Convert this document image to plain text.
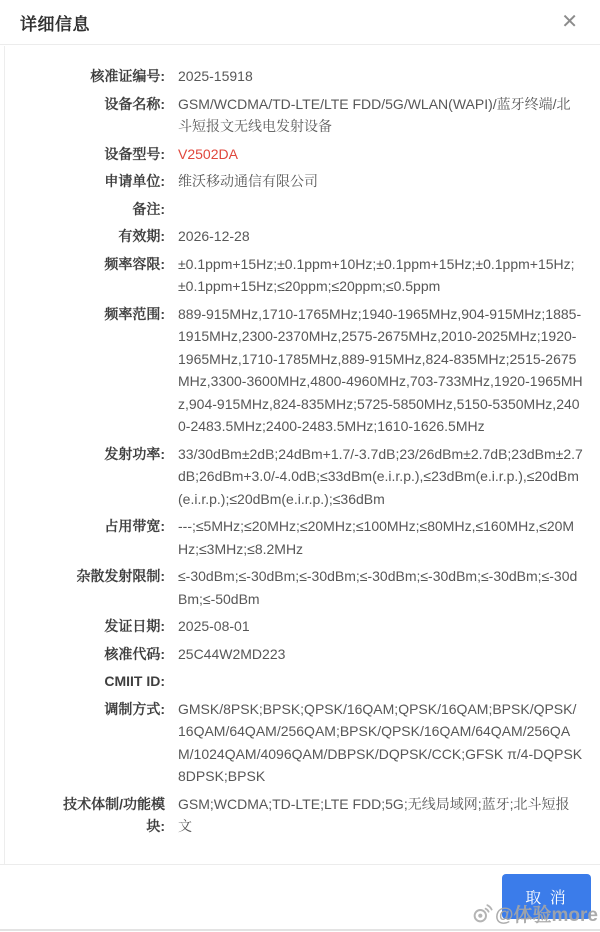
详细信息	✕
核准证编号: 2025-15918
设备名称: GSM/WCDMA/TD-LTE/LTE FDD/5G/WLAN(WAPI)/蓝牙终端/北斗短报文无线电发射设备
设备型号: V2502DA
申请单位: 维沃移动通信有限公司
备注:
有效期: 2026-12-28
频率容限: ±0.1ppm+15Hz;±0.1ppm+10Hz;±0.1ppm+15Hz;±0.1ppm+15Hz;±0.1ppm+15Hz;≤20ppm;≤20ppm;≤0.5ppm
频率范围: 889-915MHz,1710-1765MHz;1940-1965MHz,904-915MHz;1885-1915MHz,2300-2370MHz,2575-2675MHz,2010-2025MHz;1920-1965MHz,1710-1785MHz,889-915MHz,824-835MHz;2515-2675MHz,3300-3600MHz,4800-4960MHz,703-733MHz,1920-1965MHz,904-915MHz,824-835MHz;5725-5850MHz,5150-5350MHz,2400-2483.5MHz;2400-2483.5MHz;1610-1626.5MHz
发射功率: 33/30dBm±2dB;24dBm+1.7/-3.7dB;23/26dBm±2.7dB;23dBm±2.7dB;26dBm+3.0/-4.0dB;≤33dBm(e.i.r.p.),≤23dBm(e.i.r.p.),≤20dBm(e.i.r.p.);≤20dBm(e.i.r.p.);≤36dBm
占用带宽: ---;≤5MHz;≤20MHz;≤20MHz;≤100MHz;≤80MHz,≤160MHz,≤20MHz;≤3MHz;≤8.2MHz
杂散发射限制: ≤-30dBm;≤-30dBm;≤-30dBm;≤-30dBm;≤-30dBm;≤-30dBm;≤-30dBm;≤-50dBm
发证日期: 2025-08-01
核准代码: 25C44W2MD223
CMIIT ID:
调制方式: GMSK/8PSK;BPSK;QPSK/16QAM;QPSK/16QAM;BPSK/QPSK/16QAM/64QAM/256QAM;BPSK/QPSK/16QAM/64QAM/256QAM/1024QAM/4096QAM/DBPSK/DQPSK/CCK;GFSK π/4-DQPSK 8DPSK;BPSK
技术体制/功能模块:
GSM;WCDMA;TD-LTE;LTE FDD;5G;无线局域网;蓝牙;北斗短报文
取 消
@体验more
